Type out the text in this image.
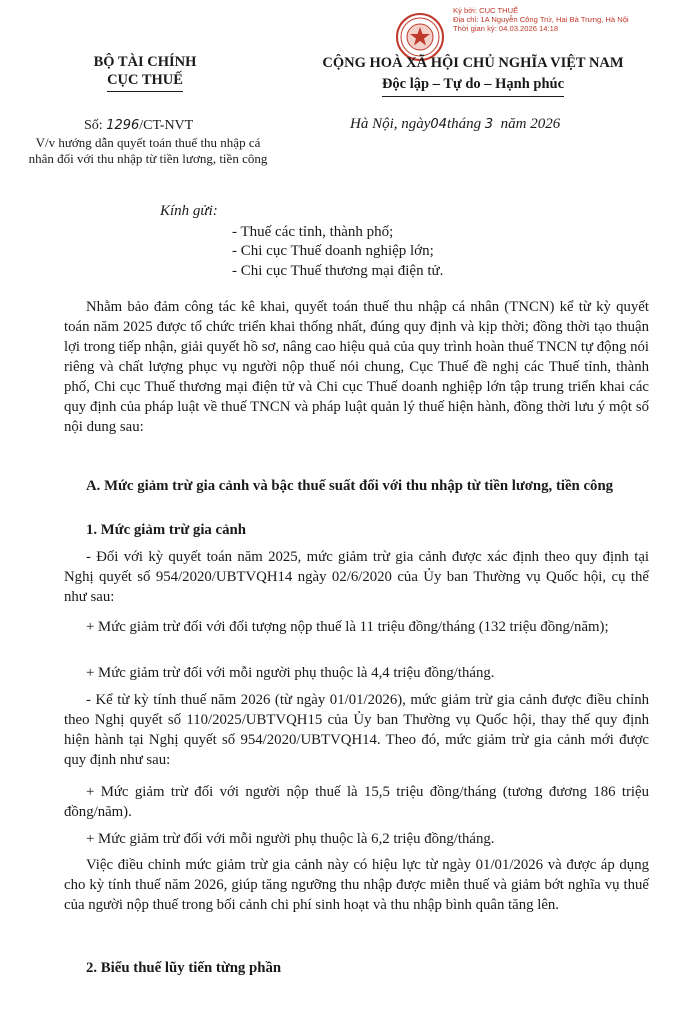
Ký bởi: CỤC THUẾ
Địa chỉ: 1A Nguyễn Công Trứ, Hai Bà Trưng, Hà Nội
Thời gian ký: 04.03.2026 14:18
BỘ TÀI CHÍNH
CỤC THUẾ
CỘNG HOÀ XÃ HỘI CHỦ NGHĨA VIỆT NAM
Độc lập – Tự do – Hạnh phúc
Số: 1296/CT-NVT
V/v hướng dẫn quyết toán thuế thu nhập cá nhân đối với thu nhập từ tiền lương, tiền công
Hà Nội, ngày04tháng 3 năm 2026
Kính gửi:
- Thuế các tỉnh, thành phố;
- Chi cục Thuế doanh nghiệp lớn;
- Chi cục Thuế thương mại điện tử.
Nhằm bảo đảm công tác kê khai, quyết toán thuế thu nhập cá nhân (TNCN) kể từ kỳ quyết toán năm 2025 được tổ chức triển khai thống nhất, đúng quy định và kịp thời; đồng thời tạo thuận lợi trong tiếp nhận, giải quyết hồ sơ, nâng cao hiệu quả của quy trình hoàn thuế TNCN tự động nói riêng và chất lượng phục vụ người nộp thuế nói chung, Cục Thuế đề nghị các Thuế tỉnh, thành phố, Chi cục Thuế thương mại điện tử và Chi cục Thuế doanh nghiệp lớn tập trung triển khai các quy định của pháp luật về thuế TNCN và pháp luật quản lý thuế hiện hành, đồng thời lưu ý một số nội dung sau:
A. Mức giảm trừ gia cảnh và bậc thuế suất đối với thu nhập từ tiền lương, tiền công
1. Mức giảm trừ gia cảnh
- Đối với kỳ quyết toán năm 2025, mức giảm trừ gia cảnh được xác định theo quy định tại Nghị quyết số 954/2020/UBTVQH14 ngày 02/6/2020 của Ủy ban Thường vụ Quốc hội, cụ thể như sau:
+ Mức giảm trừ đối với đối tượng nộp thuế là 11 triệu đồng/tháng (132 triệu đồng/năm);
+ Mức giảm trừ đối với mỗi người phụ thuộc là 4,4 triệu đồng/tháng.
- Kể từ kỳ tính thuế năm 2026 (từ ngày 01/01/2026), mức giảm trừ gia cảnh được điều chỉnh theo Nghị quyết số 110/2025/UBTVQH15 của Ủy ban Thường vụ Quốc hội, thay thế quy định hiện hành tại Nghị quyết số 954/2020/UBTVQH14. Theo đó, mức giảm trừ gia cảnh mới được quy định như sau:
+ Mức giảm trừ đối với người nộp thuế là 15,5 triệu đồng/tháng (tương đương 186 triệu đồng/năm).
+ Mức giảm trừ đối với mỗi người phụ thuộc là 6,2 triệu đồng/tháng.
Việc điều chỉnh mức giảm trừ gia cảnh này có hiệu lực từ ngày 01/01/2026 và được áp dụng cho kỳ tính thuế năm 2026, giúp tăng ngưỡng thu nhập được miễn thuế và giảm bớt nghĩa vụ thuế của người nộp thuế trong bối cảnh chi phí sinh hoạt và thu nhập bình quân tăng lên.
2. Biểu thuế lũy tiến từng phần
